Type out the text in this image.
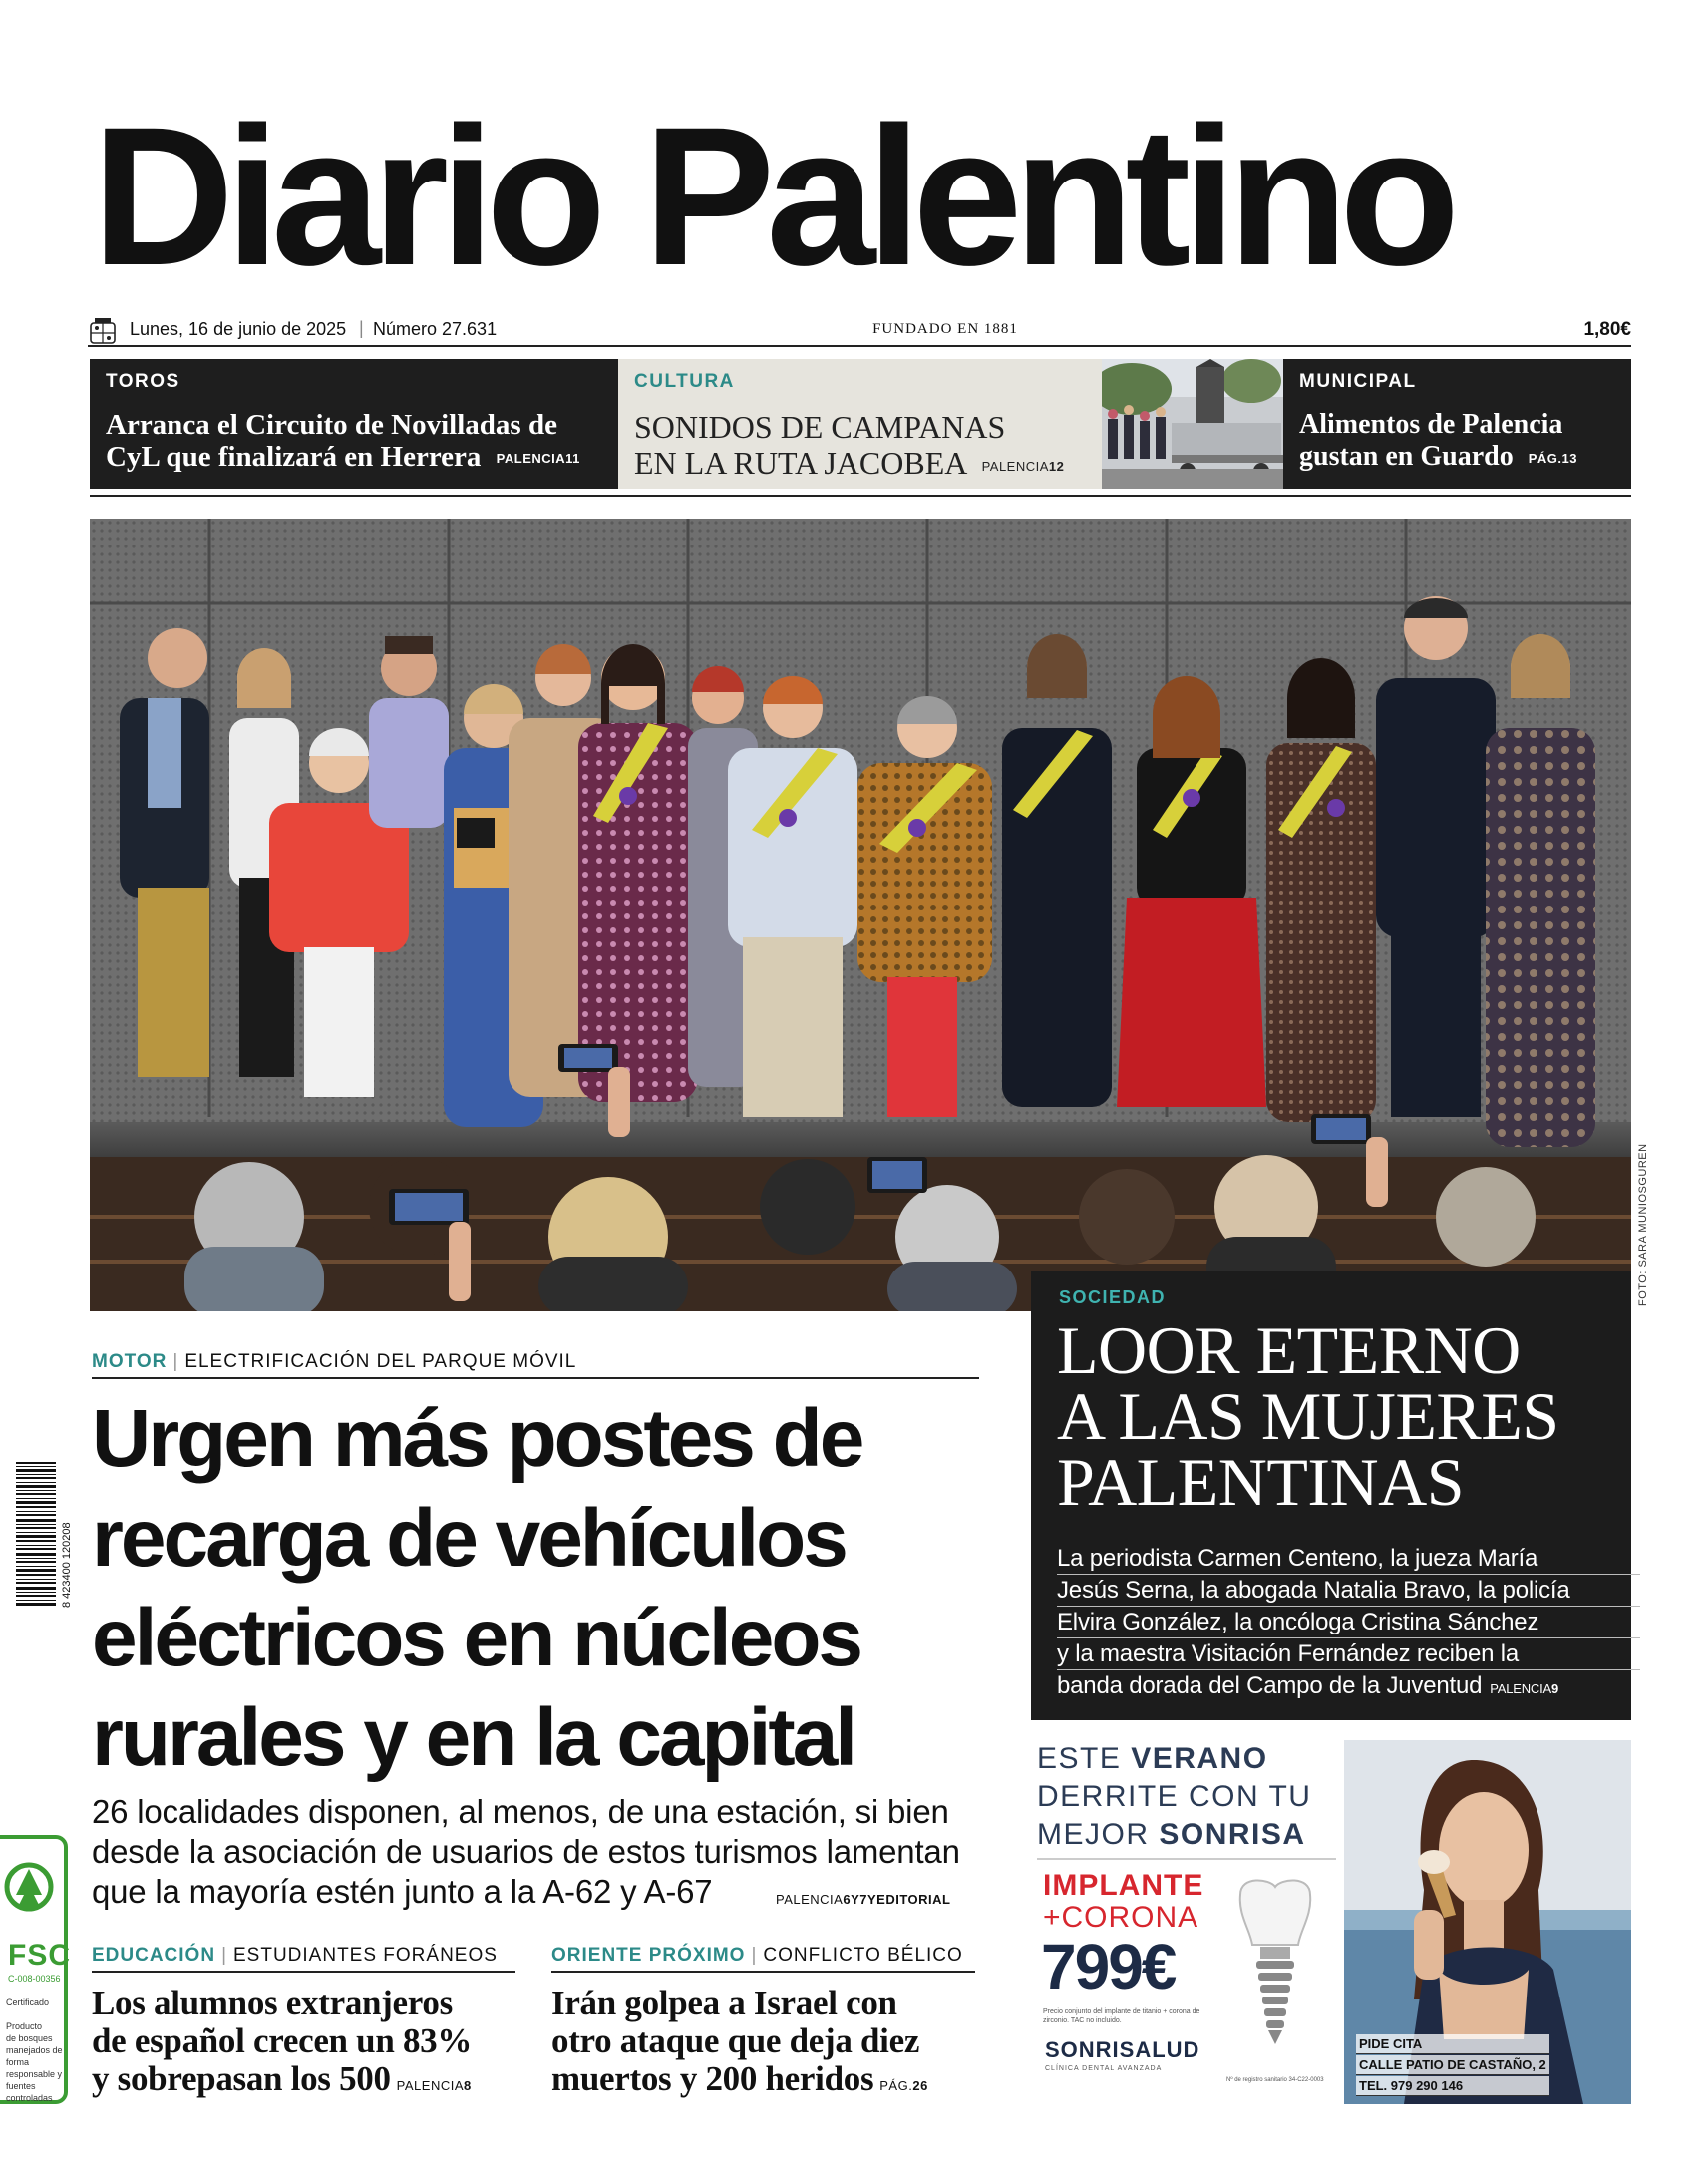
Diario Palentino
Lunes, 16 de junio de 2025 | Número 27.631	FUNDADO EN 1881	1,80€
TOROS
Arranca el Circuito de Novilladas de
CyL que finalizará en Herrera PALENCIA11
CULTURA
SONIDOS DE CAMPANAS
EN LA RUTA JACOBEA PALENCIA12
MUNICIPAL
Alimentos de Palencia
gustan en Guardo PÁG.13
FOTO: SARA MUNIOSGUREN
SOCIEDAD
LOOR ETERNO
A LAS MUJERES
PALENTINAS
La periodista Carmen Centeno, la jueza María
Jesús Serna, la abogada Natalia Bravo, la policía
Elvira González, la oncóloga Cristina Sánchez
y la maestra Visitación Fernández reciben la
banda dorada del Campo de la Juventud PALENCIA9
MOTOR | ELECTRIFICACIÓN DEL PARQUE MÓVIL
Urgen más postes de
recarga de vehículos
eléctricos en núcleos
rurales y en la capital
26 localidades disponen, al menos, de una estación, si bien
desde la asociación de usuarios de estos turismos lamentan
que la mayoría estén junto a la A-62 y A-67	PALENCIA6Y7YEDITORIAL
8 423400 120208
FSC
C-008-00356
Certificado

Producto
de bosques
manejados de forma
responsable y fuentes
controladas
EDUCACIÓN | ESTUDIANTES FORÁNEOS
Los alumnos extranjeros
de español crecen un 83%
y sobrepasan los 500 PALENCIA8
ORIENTE PRÓXIMO | CONFLICTO BÉLICO
Irán golpea a Israel con
otro ataque que deja diez
muertos y 200 heridos PÁG.26
ESTE VERANO
DERRITE CON TU
MEJOR SONRISA
IMPLANTE
+CORONA
799€
Precio conjunto del implante de titanio + corona de zirconio. TAC no incluido.
SONRISALUD
CLÍNICA DENTAL AVANZADA
Nº de registro sanitario 34-C22-0003
PIDE CITA
CALLE PATIO DE CASTAÑO, 2
TEL. 979 290 146
